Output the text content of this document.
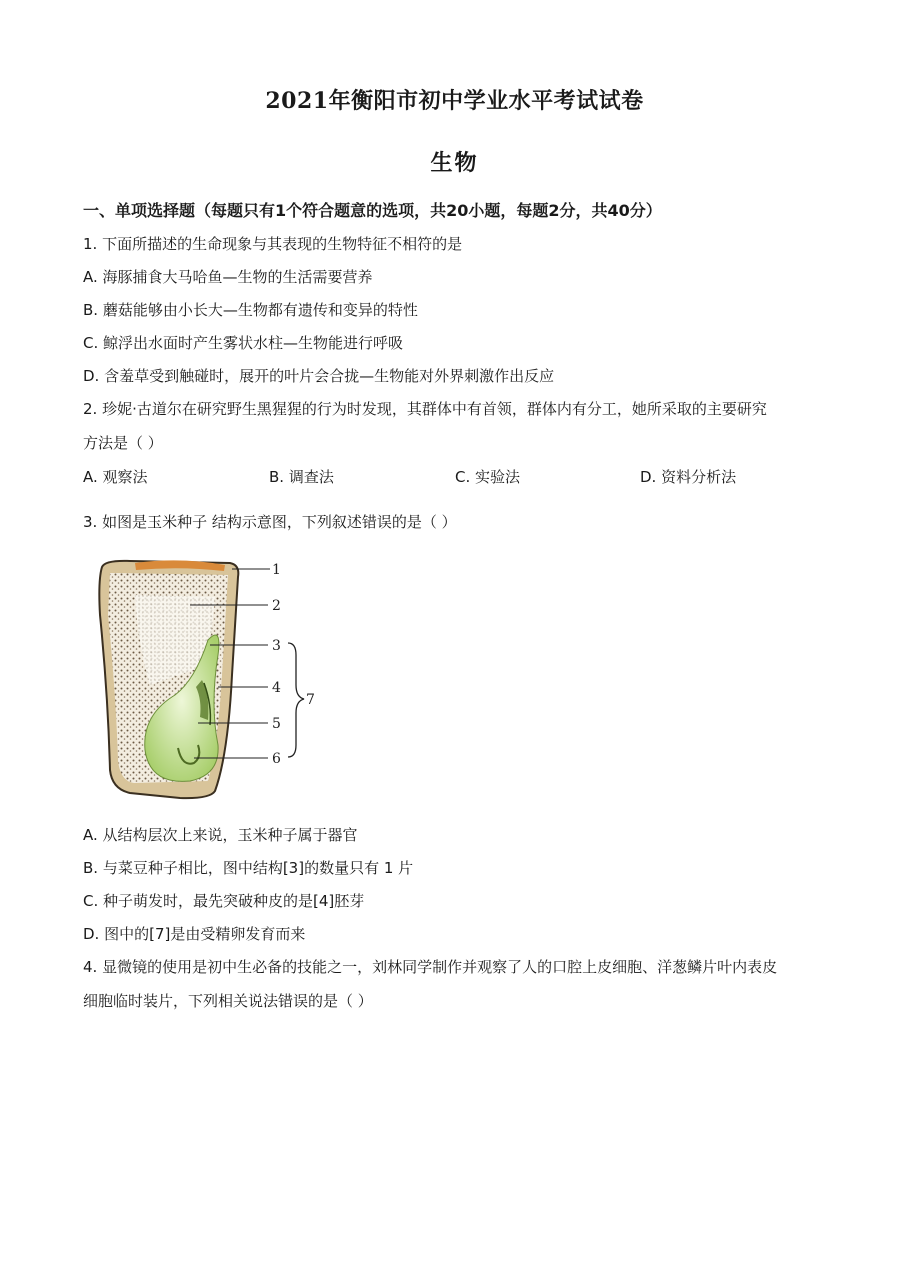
2021年衡阳市初中学业水平考试试卷
生物
一、单项选择题（每题只有1个符合题意的选项，共20小题，每题2分，共40分）
1. 下面所描述的生命现象与其表现的生物特征不相符的是
A. 海豚捕食大马哈鱼—生物的生活需要营养
B. 蘑菇能够由小长大—生物都有遗传和变异的特性
C. 鲸浮出水面时产生雾状水柱—生物能进行呼吸
D. 含羞草受到触碰时，展开的叶片会合拢—生物能对外界刺激作出反应
2. 珍妮·古道尔在研究野生黑猩猩的行为时发现，其群体中有首领，群体内有分工，她所采取的主要研究
方法是（ ）
A. 观察法	B. 调查法	C. 实验法	D. 资料分析法
3. 如图是玉米种子 结构示意图，下列叙述错误的是（ ）
1
2
3
4
5
6
7
A. 从结构层次上来说，玉米种子属于器官
B. 与菜豆种子相比，图中结构[3]的数量只有 1 片
C. 种子萌发时，最先突破种皮的是[4]胚芽
D. 图中的[7]是由受精卵发育而来
4. 显微镜的使用是初中生必备的技能之一，刘林同学制作并观察了人的口腔上皮细胞、洋葱鳞片叶内表皮
细胞临时装片，下列相关说法错误的是（ ）
